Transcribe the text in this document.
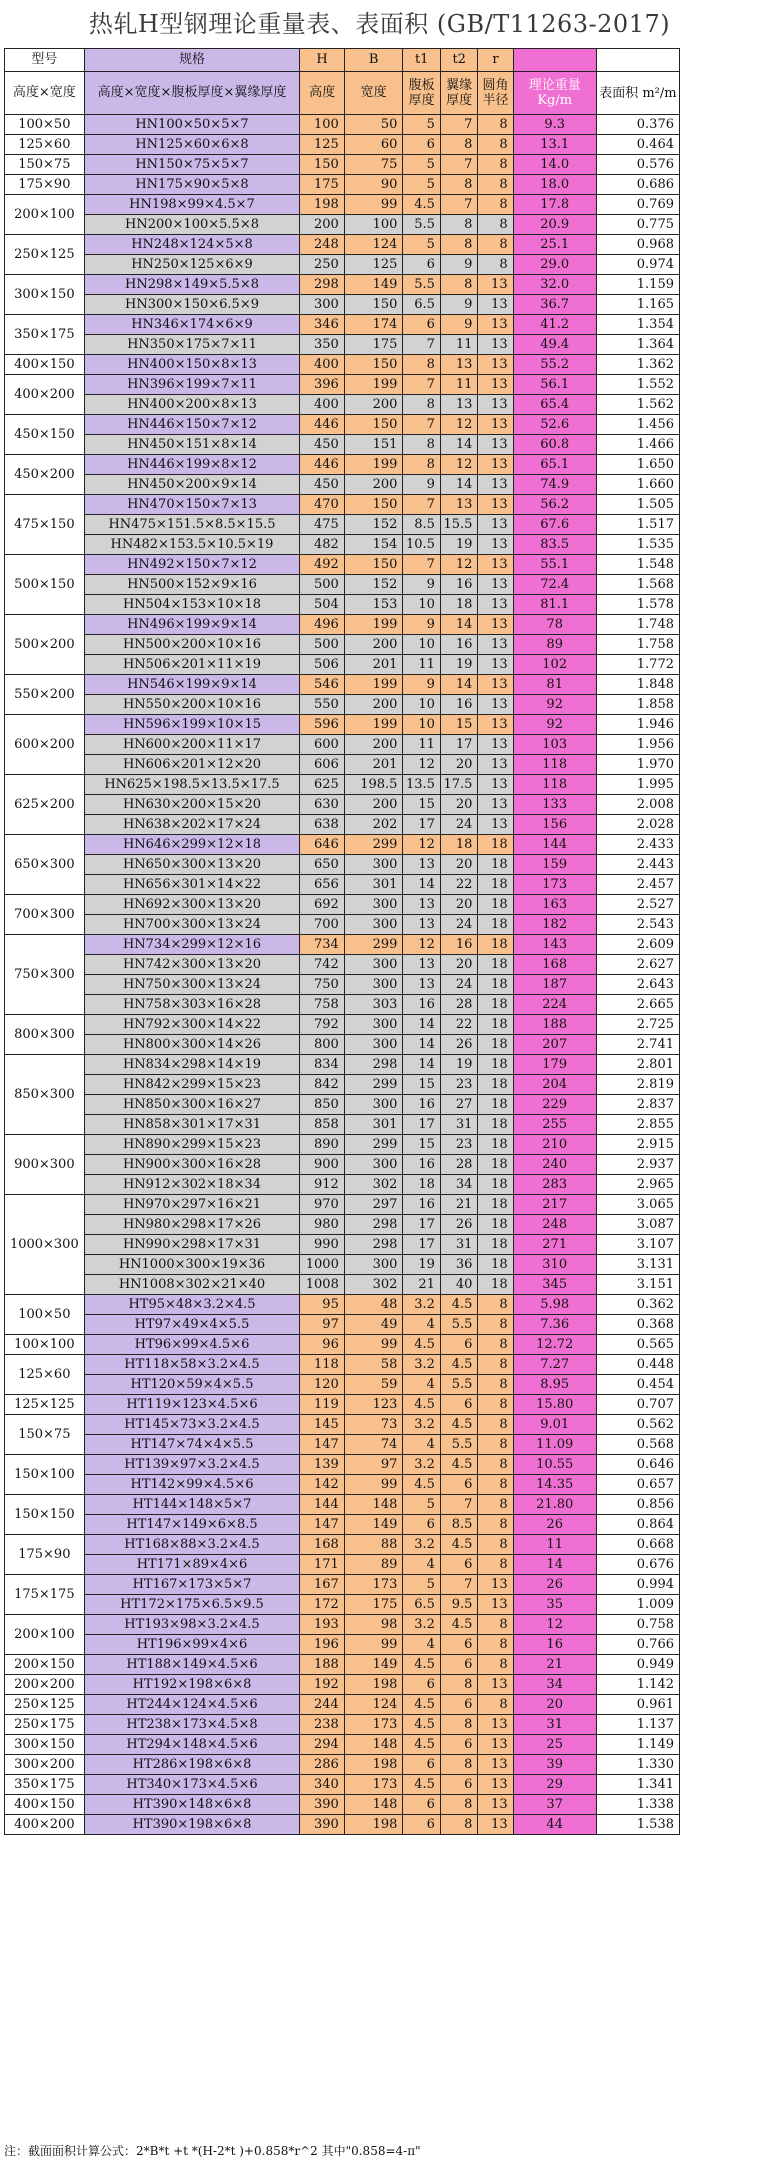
热轧H型钢理论重量表、表面积 (GB/T11263-2017)
型号	规格	H	B	t1	t2	r		
高度×宽度	高度×宽度×腹板厚度×翼缘厚度	高度	宽度	腹板厚度	翼缘厚度	圆角半径	理论重量 Kg/m	表面积 m²/m
100×50	HN100×50×5×7	100	50	5	7	8	9.3	0.376
125×60	HN125×60×6×8	125	60	6	8	8	13.1	0.464
150×75	HN150×75×5×7	150	75	5	7	8	14.0	0.576
175×90	HN175×90×5×8	175	90	5	8	8	18.0	0.686
200×100	HN198×99×4.5×7	198	99	4.5	7	8	17.8	0.769
	HN200×100×5.5×8	200	100	5.5	8	8	20.9	0.775
250×125	HN248×124×5×8	248	124	5	8	8	25.1	0.968
	HN250×125×6×9	250	125	6	9	8	29.0	0.974
300×150	HN298×149×5.5×8	298	149	5.5	8	13	32.0	1.159
	HN300×150×6.5×9	300	150	6.5	9	13	36.7	1.165
350×175	HN346×174×6×9	346	174	6	9	13	41.2	1.354
	HN350×175×7×11	350	175	7	11	13	49.4	1.364
400×150	HN400×150×8×13	400	150	8	13	13	55.2	1.362
400×200	HN396×199×7×11	396	199	7	11	13	56.1	1.552
	HN400×200×8×13	400	200	8	13	13	65.4	1.562
450×150	HN446×150×7×12	446	150	7	12	13	52.6	1.456
	HN450×151×8×14	450	151	8	14	13	60.8	1.466
450×200	HN446×199×8×12	446	199	8	12	13	65.1	1.650
	HN450×200×9×14	450	200	9	14	13	74.9	1.660
475×150	HN470×150×7×13	470	150	7	13	13	56.2	1.505
	HN475×151.5×8.5×15.5	475	152	8.5	15.5	13	67.6	1.517
	HN482×153.5×10.5×19	482	154	10.5	19	13	83.5	1.535
500×150	HN492×150×7×12	492	150	7	12	13	55.1	1.548
	HN500×152×9×16	500	152	9	16	13	72.4	1.568
	HN504×153×10×18	504	153	10	18	13	81.1	1.578
500×200	HN496×199×9×14	496	199	9	14	13	78	1.748
	HN500×200×10×16	500	200	10	16	13	89	1.758
	HN506×201×11×19	506	201	11	19	13	102	1.772
550×200	HN546×199×9×14	546	199	9	14	13	81	1.848
	HN550×200×10×16	550	200	10	16	13	92	1.858
600×200	HN596×199×10×15	596	199	10	15	13	92	1.946
	HN600×200×11×17	600	200	11	17	13	103	1.956
	HN606×201×12×20	606	201	12	20	13	118	1.970
625×200	HN625×198.5×13.5×17.5	625	198.5	13.5	17.5	13	118	1.995
	HN630×200×15×20	630	200	15	20	13	133	2.008
	HN638×202×17×24	638	202	17	24	13	156	2.028
650×300	HN646×299×12×18	646	299	12	18	18	144	2.433
	HN650×300×13×20	650	300	13	20	18	159	2.443
	HN656×301×14×22	656	301	14	22	18	173	2.457
700×300	HN692×300×13×20	692	300	13	20	18	163	2.527
	HN700×300×13×24	700	300	13	24	18	182	2.543
750×300	HN734×299×12×16	734	299	12	16	18	143	2.609
	HN742×300×13×20	742	300	13	20	18	168	2.627
	HN750×300×13×24	750	300	13	24	18	187	2.643
	HN758×303×16×28	758	303	16	28	18	224	2.665
800×300	HN792×300×14×22	792	300	14	22	18	188	2.725
	HN800×300×14×26	800	300	14	26	18	207	2.741
850×300	HN834×298×14×19	834	298	14	19	18	179	2.801
	HN842×299×15×23	842	299	15	23	18	204	2.819
	HN850×300×16×27	850	300	16	27	18	229	2.837
	HN858×301×17×31	858	301	17	31	18	255	2.855
900×300	HN890×299×15×23	890	299	15	23	18	210	2.915
	HN900×300×16×28	900	300	16	28	18	240	2.937
	HN912×302×18×34	912	302	18	34	18	283	2.965
1000×300	HN970×297×16×21	970	297	16	21	18	217	3.065
	HN980×298×17×26	980	298	17	26	18	248	3.087
	HN990×298×17×31	990	298	17	31	18	271	3.107
	HN1000×300×19×36	1000	300	19	36	18	310	3.131
	HN1008×302×21×40	1008	302	21	40	18	345	3.151
100×50	HT95×48×3.2×4.5	95	48	3.2	4.5	8	5.98	0.362
	HT97×49×4×5.5	97	49	4	5.5	8	7.36	0.368
100×100	HT96×99×4.5×6	96	99	4.5	6	8	12.72	0.565
125×60	HT118×58×3.2×4.5	118	58	3.2	4.5	8	7.27	0.448
	HT120×59×4×5.5	120	59	4	5.5	8	8.95	0.454
125×125	HT119×123×4.5×6	119	123	4.5	6	8	15.80	0.707
150×75	HT145×73×3.2×4.5	145	73	3.2	4.5	8	9.01	0.562
	HT147×74×4×5.5	147	74	4	5.5	8	11.09	0.568
150×100	HT139×97×3.2×4.5	139	97	3.2	4.5	8	10.55	0.646
	HT142×99×4.5×6	142	99	4.5	6	8	14.35	0.657
150×150	HT144×148×5×7	144	148	5	7	8	21.80	0.856
	HT147×149×6×8.5	147	149	6	8.5	8	26	0.864
175×90	HT168×88×3.2×4.5	168	88	3.2	4.5	8	11	0.668
	HT171×89×4×6	171	89	4	6	8	14	0.676
175×175	HT167×173×5×7	167	173	5	7	13	26	0.994
	HT172×175×6.5×9.5	172	175	6.5	9.5	13	35	1.009
200×100	HT193×98×3.2×4.5	193	98	3.2	4.5	8	12	0.758
	HT196×99×4×6	196	99	4	6	8	16	0.766
200×150	HT188×149×4.5×6	188	149	4.5	6	8	21	0.949
200×200	HT192×198×6×8	192	198	6	8	13	34	1.142
250×125	HT244×124×4.5×6	244	124	4.5	6	8	20	0.961
250×175	HT238×173×4.5×8	238	173	4.5	8	13	31	1.137
300×150	HT294×148×4.5×6	294	148	4.5	6	13	25	1.149
300×200	HT286×198×6×8	286	198	6	8	13	39	1.330
350×175	HT340×173×4.5×6	340	173	4.5	6	13	29	1.341
400×150	HT390×148×6×8	390	148	6	8	13	37	1.338
400×200	HT390×198×6×8	390	198	6	8	13	44	1.538
注：截面面积计算公式：2*B*t +t *(H-2*t )+0.858*r^2 其中"0.858=4-π"
